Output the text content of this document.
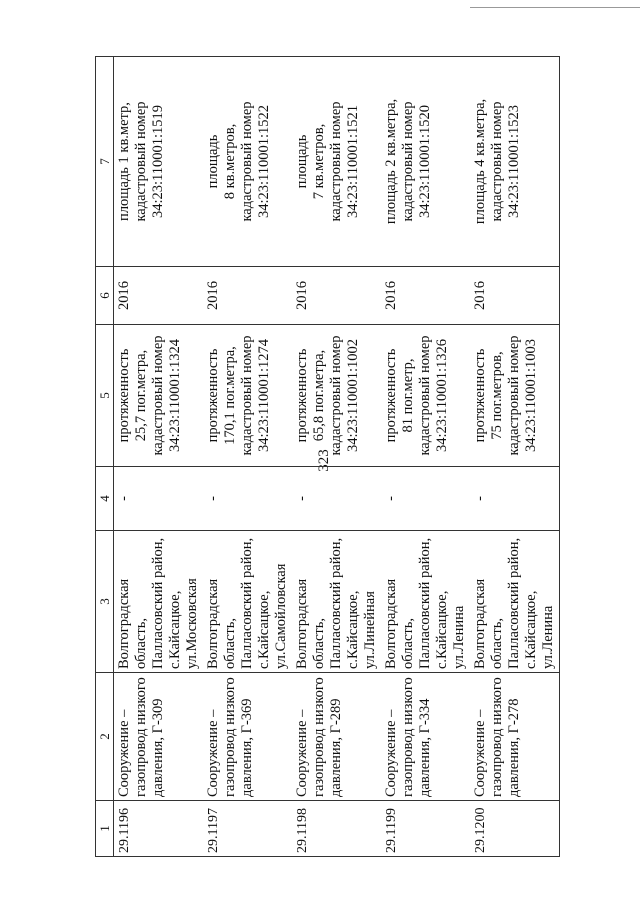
323
1	2	3	4	5	6	7
29.1196	Сооружение –
газопровод низкого
давления, Г-309	Волгоградская область,
Палласовский район,
с.Кайсацкое,
ул.Московская	-	протяженность
25,7 пог.метра,
кадастровый номер
34:23:110001:1324	2016	площадь 1 кв.метр,
кадастровый номер
34:23:110001:1519
29.1197	Сооружение –
газопровод низкого
давления, Г-369	Волгоградская область,
Палласовский район,
с.Кайсацкое,
ул.Самойловская	-	протяженность
170,1 пог.метра,
кадастровый номер
34:23:110001:1274	2016	площадь
8 кв.метров,
кадастровый номер
34:23:110001:1522
29.1198	Сооружение –
газопровод низкого
давления, Г-289	Волгоградская область,
Палласовский район,
с.Кайсацкое,
ул.Линейная	-	протяженность
65,8 пог.метра,
кадастровый номер
34:23:110001:1002	2016	площадь
7 кв.метров,
кадастровый номер
34:23:110001:1521
29.1199	Сооружение –
газопровод низкого
давления, Г-334	Волгоградская область,
Палласовский район,
с.Кайсацкое, ул.Ленина	-	протяженность
81 пог.метр,
кадастровый номер
34:23:110001:1326	2016	площадь 2 кв.метра,
кадастровый номер
34:23:110001:1520
29.1200	Сооружение –
газопровод низкого
давления, Г-278	Волгоградская область,
Палласовский район,
с.Кайсацкое, ул.Ленина	-	протяженность
75 пог.метров,
кадастровый номер
34:23:110001:1003	2016	площадь 4 кв.метра,
кадастровый номер
34:23:110001:1523
